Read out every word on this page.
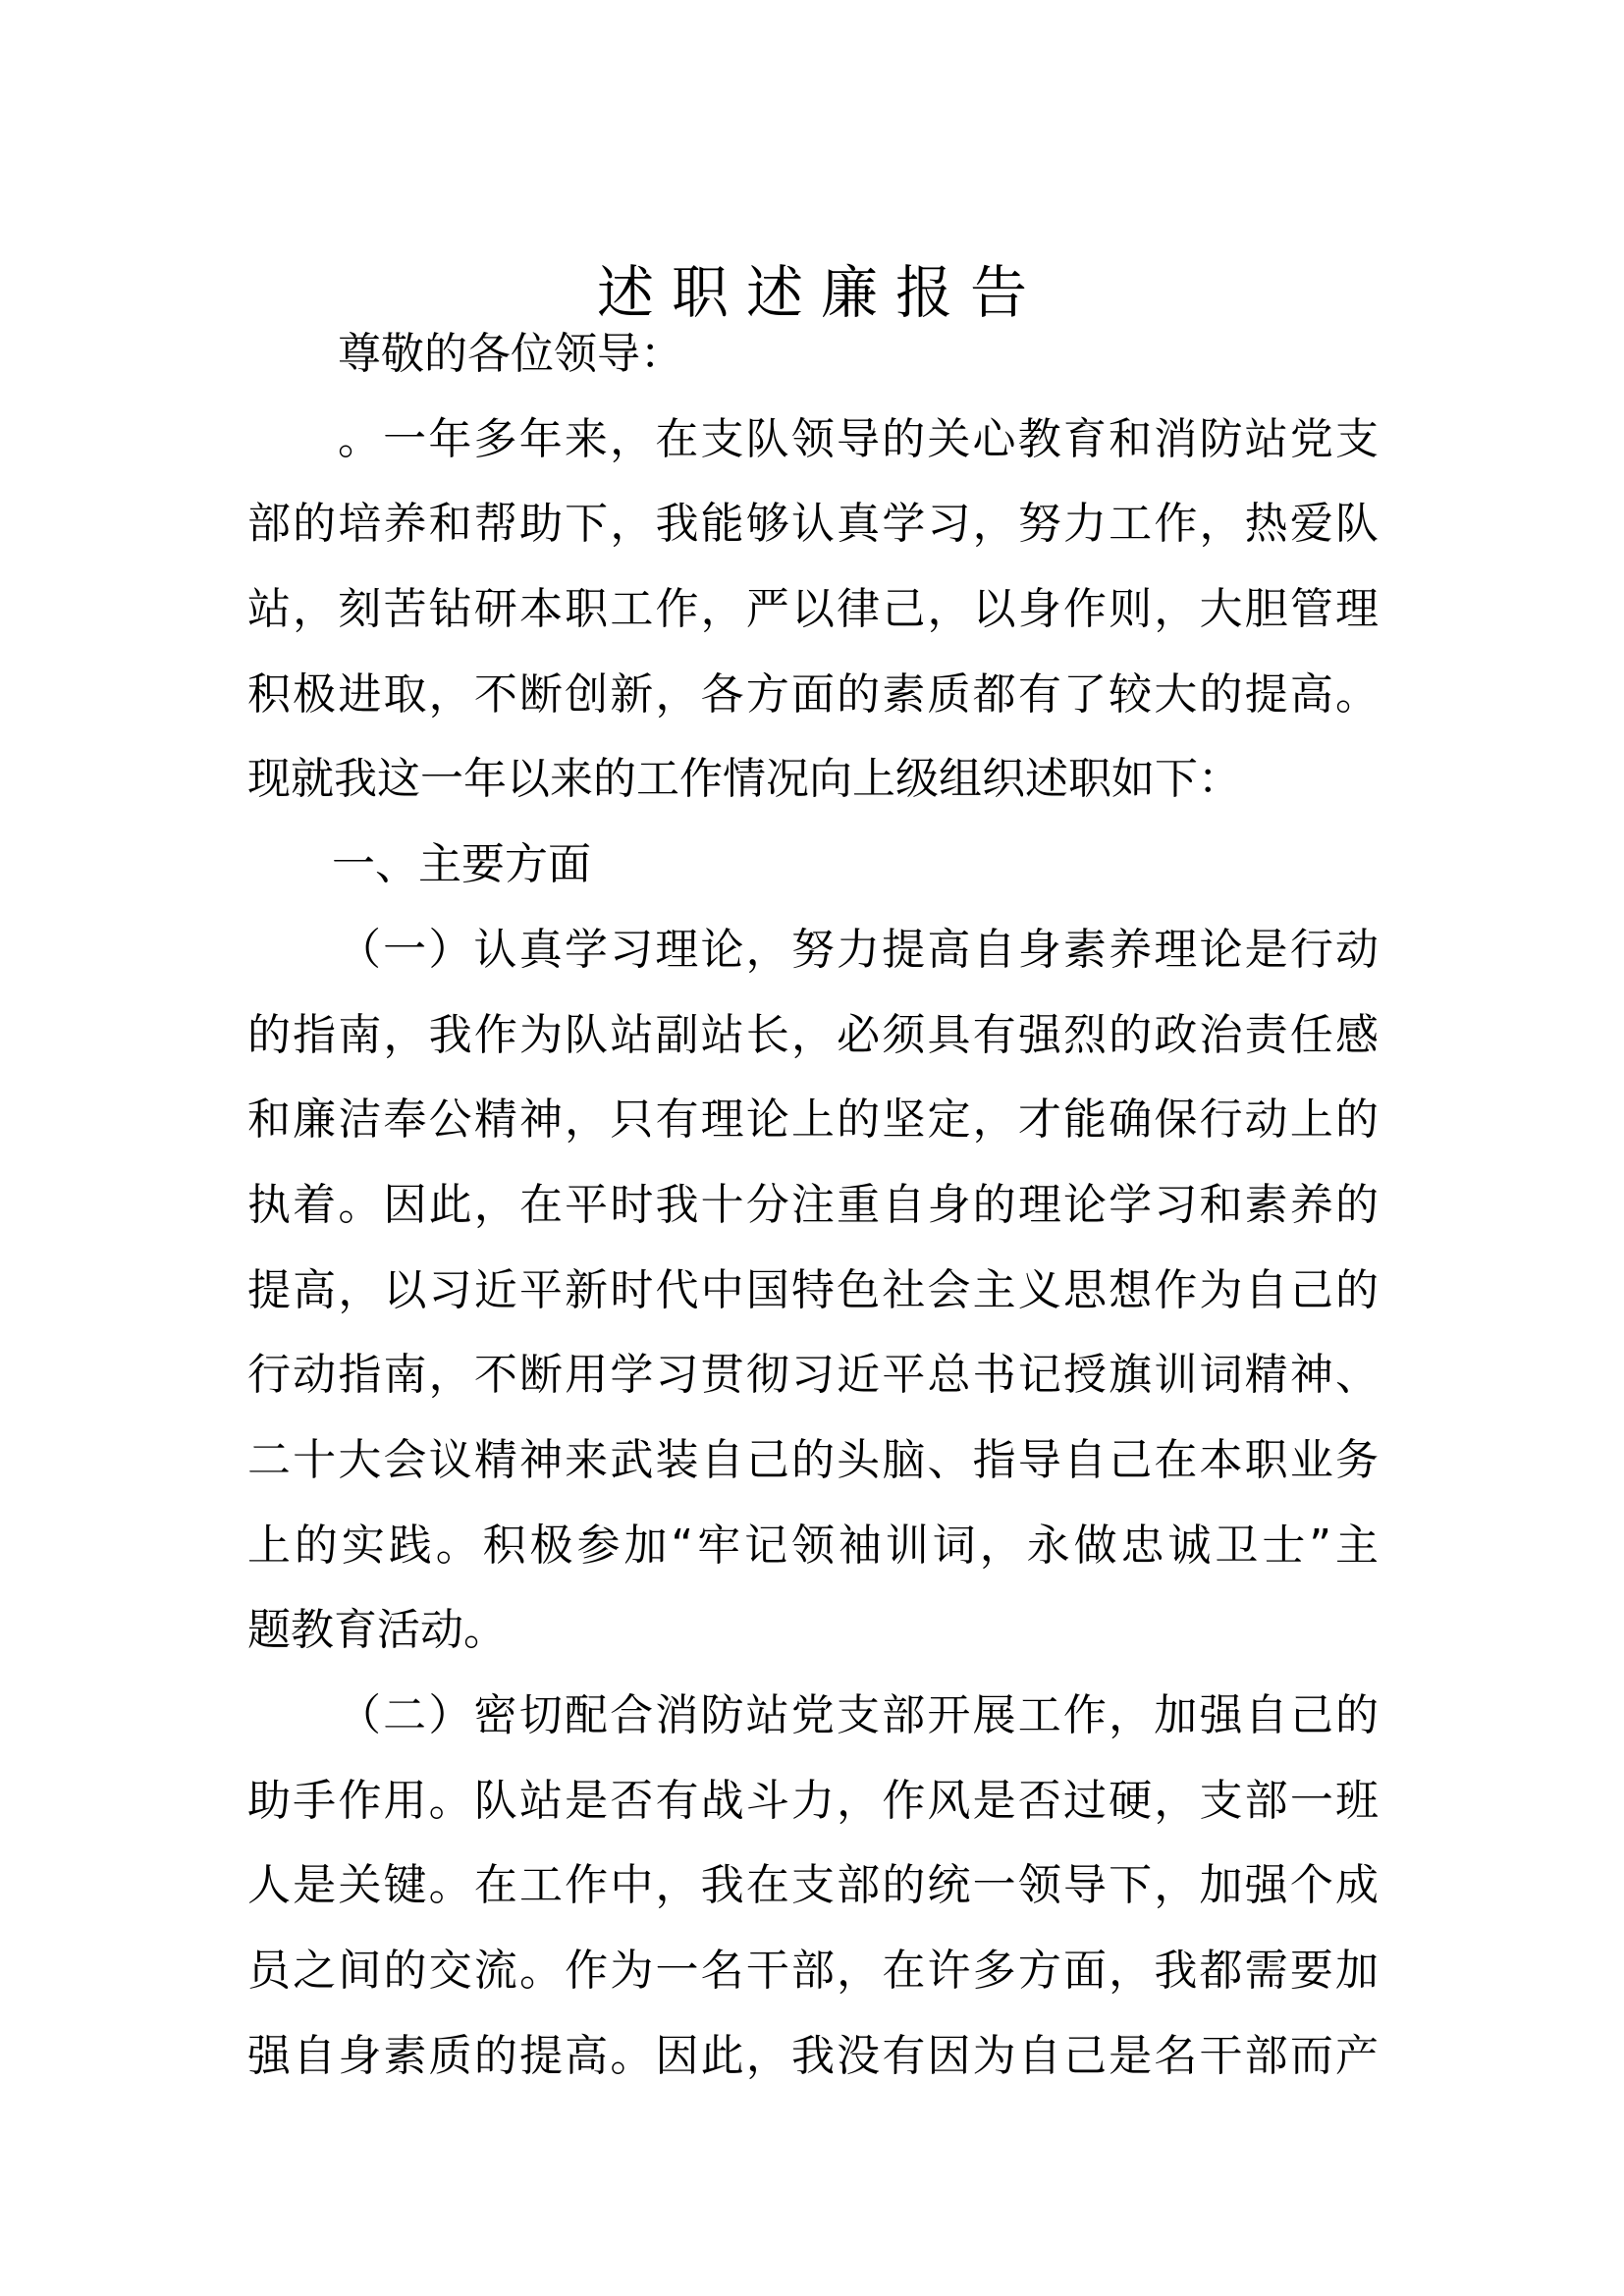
述职述廉报告
尊敬的各位领导：
。一年多年来，在支队领导的关心教育和消防站党支
部的培养和帮助下，我能够认真学习，努力工作，热爱队
站，刻苦钻研本职工作，严以律己，以身作则，大胆管理
积极进取，不断创新，各方面的素质都有了较大的提高。
现就我这一年以来的工作情况向上级组织述职如下：
一、主要方面
（一）认真学习理论，努力提高自身素养理论是行动
的指南，我作为队站副站长，必须具有强烈的政治责任感
和廉洁奉公精神，只有理论上的坚定，才能确保行动上的
执着。因此，在平时我十分注重自身的理论学习和素养的
提高，以习近平新时代中国特色社会主义思想作为自己的
行动指南，不断用学习贯彻习近平总书记授旗训词精神、
二十大会议精神来武装自己的头脑、指导自己在本职业务
上的实践。积极参加“牢记领袖训词，永做忠诚卫士”主
题教育活动。
（二）密切配合消防站党支部开展工作，加强自己的
助手作用。队站是否有战斗力，作风是否过硬，支部一班
人是关键。在工作中，我在支部的统一领导下，加强个成
员之间的交流。作为一名干部，在许多方面，我都需要加
强自身素质的提高。因此，我没有因为自己是名干部而产
